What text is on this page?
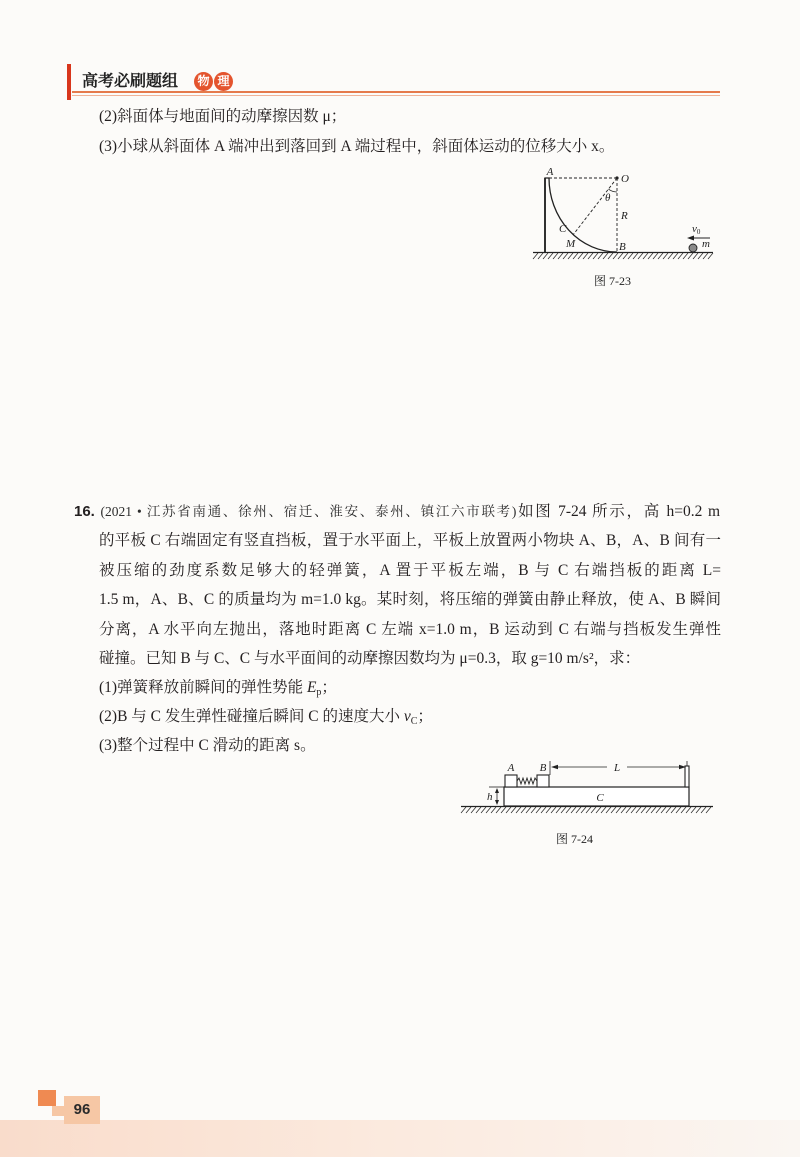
高考必刷题组 物 理
(2)斜面体与地面间的动摩擦因数 μ；
(3)小球从斜面体 A 端冲出到落回到 A 端过程中，斜面体运动的位移大小 x。
A
O
θ
R
C
M	B
v0
m
图 7-23
16. (2021 • 江苏省南通、徐州、宿迁、淮安、泰州、镇江六市联考)如图 7-24 所示，高 h=0.2 m
的平板 C 右端固定有竖直挡板，置于水平面上，平板上放置两小物块 A、B，A、B 间有一
被压缩的劲度系数足够大的轻弹簧，A 置于平板左端，B 与 C 右端挡板的距离 L=
1.5 m，A、B、C 的质量均为 m=1.0 kg。某时刻，将压缩的弹簧由静止释放，使 A、B 瞬间
分离，A 水平向左抛出，落地时距离 C 左端 x=1.0 m，B 运动到 C 右端与挡板发生弹性
碰撞。已知 B 与 C、C 与水平面间的动摩擦因数均为 μ=0.3，取 g=10 m/s²，求：
(1)弹簧释放前瞬间的弹性势能 $E_p$；
(2)B 与 C 发生弹性碰撞后瞬间 C 的速度大小 $v_C$；
(3)整个过程中 C 滑动的距离 s。
h
A B	L
C
图 7-24
96
